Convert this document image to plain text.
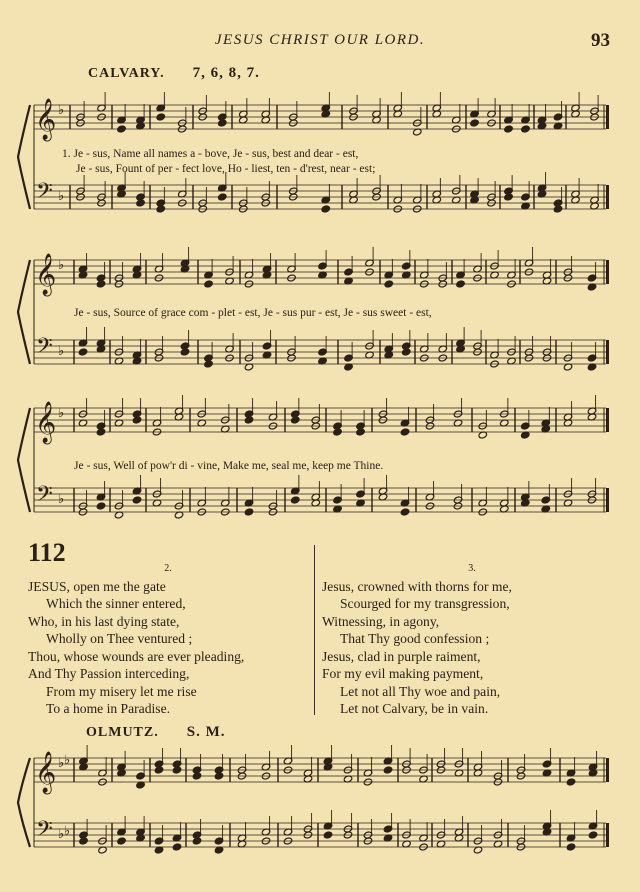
JESUS CHRIST OUR LORD.	93
CALVARY. 7, 6, 8, 7.
𝄞
𝄢
♭
♭
1. Je - sus, Name all names a - bove, Je - sus, best and dear - est,
Je - sus, Fount of per - fect love, Ho - liest, ten - d'rest, near - est;
𝄞
𝄢
♭
♭
Je - sus, Source of grace com - plet - est, Je - sus pur - est, Je - sus sweet - est,
𝄞
𝄢
♭
♭
Je - sus, Well of pow'r di - vine, Make me, seal me, keep me Thine.
112
2.
JESUS, open me the gate
Which the sinner entered,
Who, in his last dying state,
Wholly on Thee ventured ;
Thou, whose wounds are ever pleading,
And Thy Passion interceding,
From my misery let me rise
To a home in Paradise.
3.
Jesus, crowned with thorns for me,
Scourged for my transgression,
Witnessing, in agony,
That Thy good confession ;
Jesus, clad in purple raiment,
For my evil making payment,
Let not all Thy woe and pain,
Let not Calvary, be in vain.
OLMUTZ. S. M.
𝄞
𝄢
♭
♭
♭
♭
